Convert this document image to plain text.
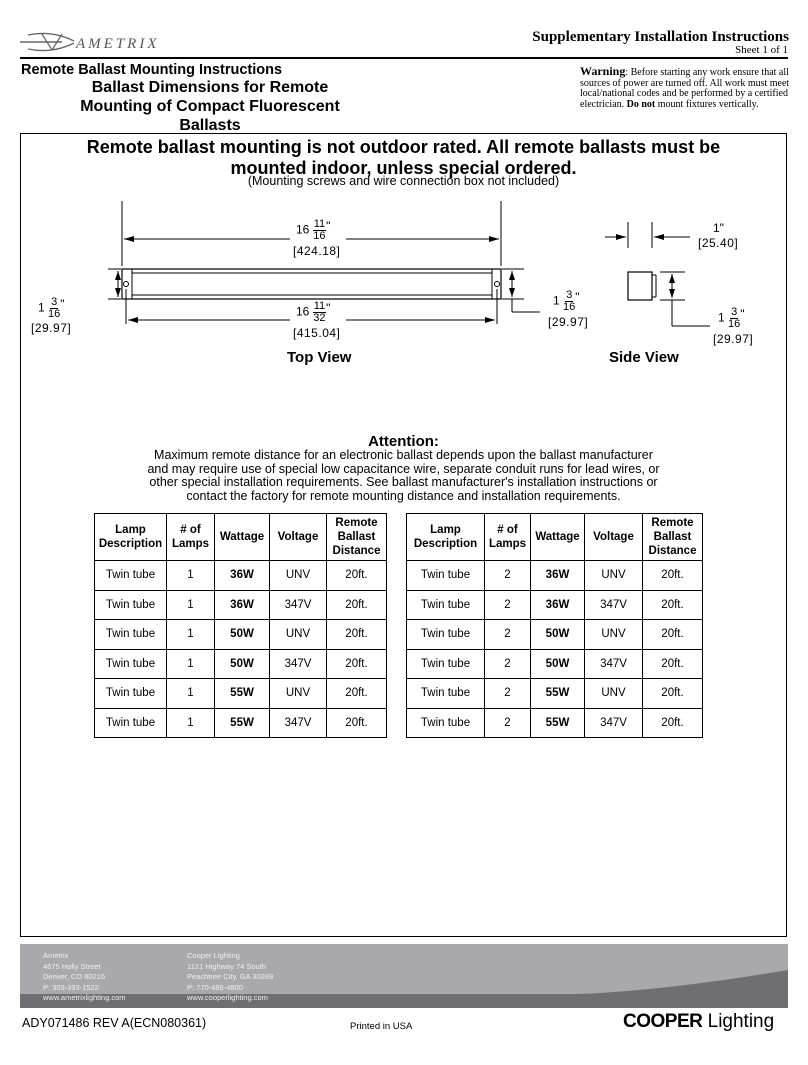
AMETRIX	Supplementary Installation Instructions
Sheet 1 of 1
Remote Ballast Mounting Instructions
Ballast Dimensions for Remote
Mounting of Compact Fluorescent
Ballasts
Warning: Before starting any work ensure that all sources of power are turned off. All work must meet local/national codes and be performed by a certified electrician. Do not mount fixtures vertically.
Remote ballast mounting is not outdoor rated. All remote ballasts must be
mounted indoor, unless special ordered.
(Mounting screws and wire connection box not included)
$16 \frac{11}{16}$ "
[424.18]
$16 \frac{11}{32}$ "
[415.04]
$1 \frac{3}{16}$ "
[29.97]
$1 \frac{3}{16}$ "
[29.97]
Top View
1"
[25.40]
$1 \frac{3}{16}$ "
[29.97]
Side View
Attention:
Maximum remote distance for an electronic ballast depends upon the ballast manufacturer
and may require use of special low capacitance wire, separate conduit runs for lead wires, or
other special installation requirements. See ballast manufacturer's installation instructions or
contact the factory for remote mounting distance and installation requirements.
Lamp
Description	# of
Lamps	Wattage	Voltage	Remote
Ballast
Distance
Twin tube	1	36W	UNV	20ft.
Twin tube	1	36W	347V	20ft.
Twin tube	1	50W	UNV	20ft.
Twin tube	1	50W	347V	20ft.
Twin tube	1	55W	UNV	20ft.
Twin tube	1	55W	347V	20ft.
Lamp
Description	# of
Lamps	Wattage	Voltage	Remote
Ballast
Distance
Twin tube	2	36W	UNV	20ft.
Twin tube	2	36W	347V	20ft.
Twin tube	2	50W	UNV	20ft.
Twin tube	2	50W	347V	20ft.
Twin tube	2	55W	UNV	20ft.
Twin tube	2	55W	347V	20ft.
Ametrix
4675 Holly Street
Denver, CO 80216
P: 303-393-1522
www.ametrixlighting.com
Cooper Lighting
1121 Highway 74 South
Peachtree City, GA 30269
P: 770-486-4800
www.cooperlighting.com
ADY071486 REV A(ECN080361)	Printed in USA	COOPER Lighting
